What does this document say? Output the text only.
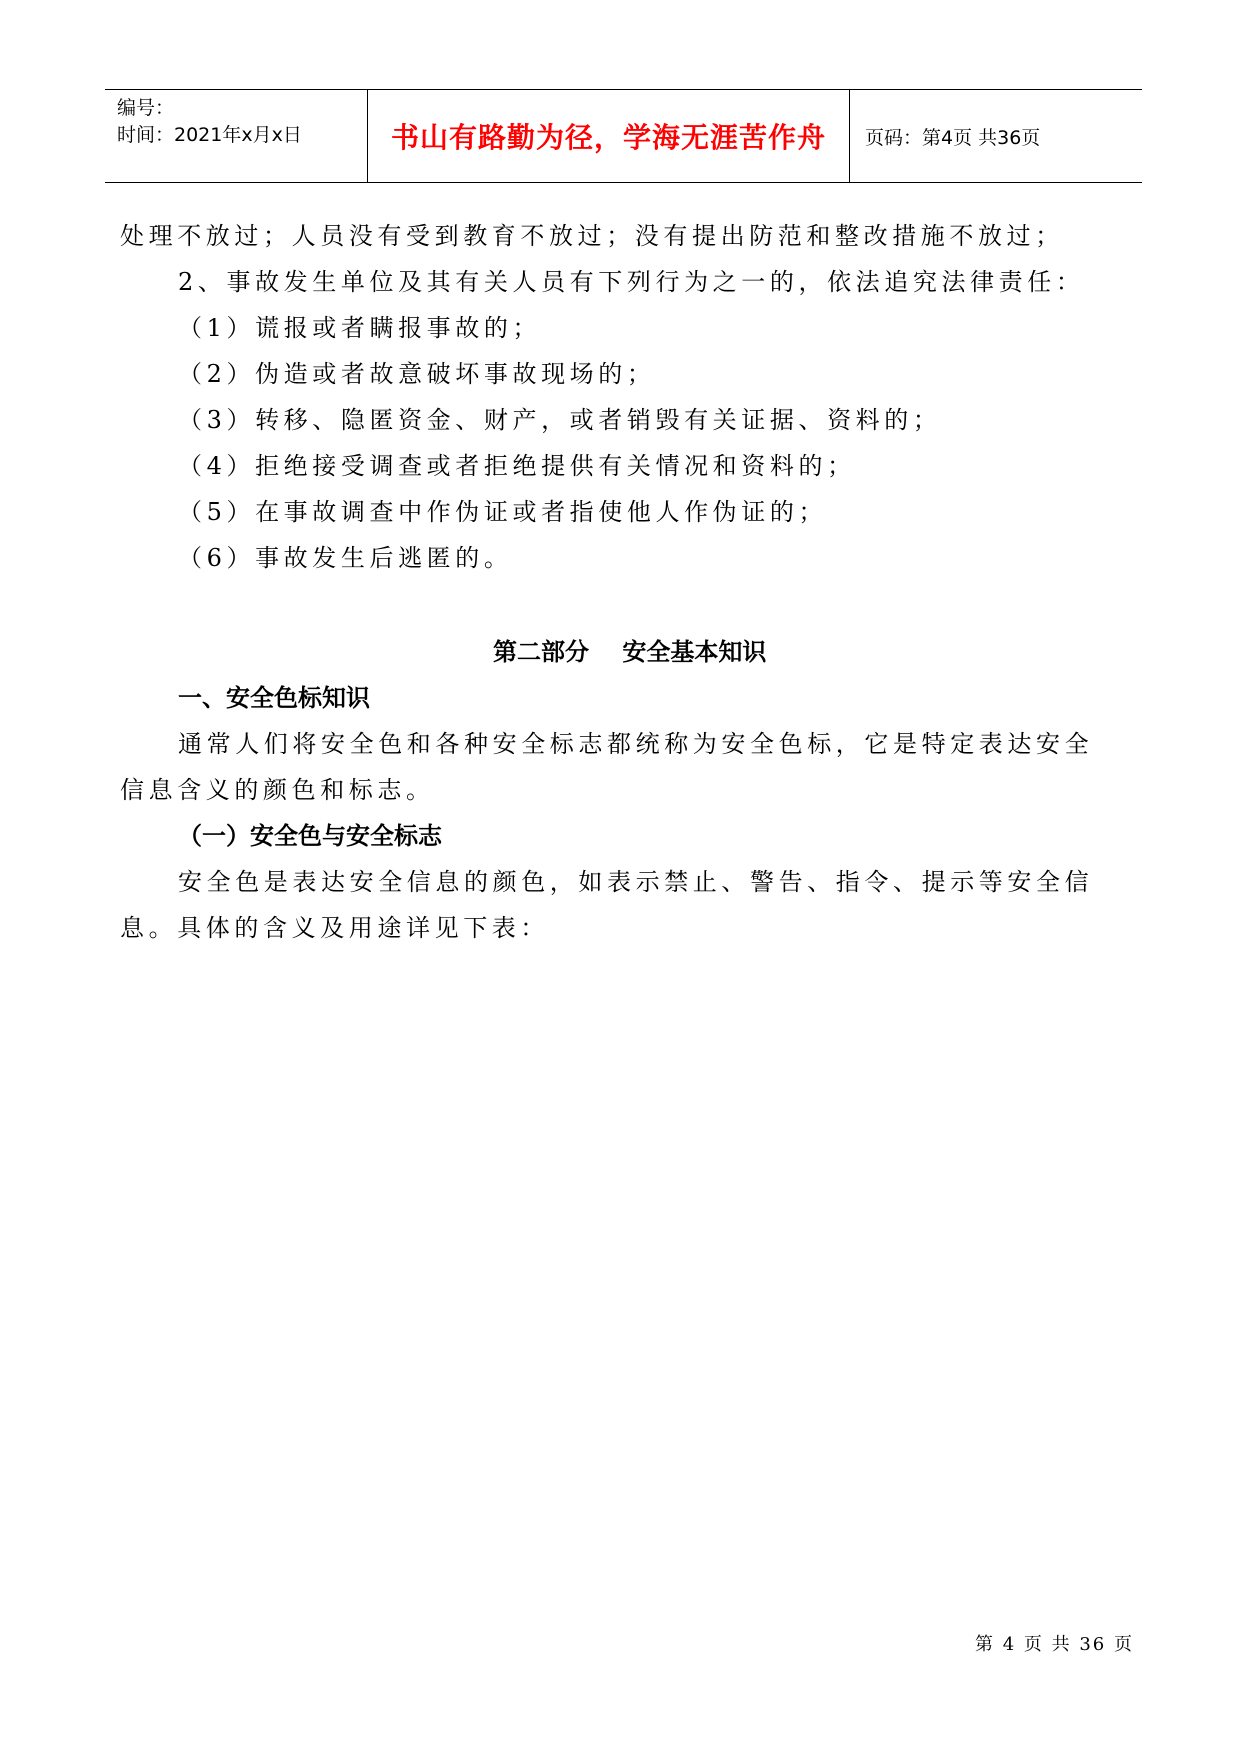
编号：
时间：2021年x月x日	书山有路勤为径，学海无涯苦作舟 页码：第4页 共36页
处理不放过；人员没有受到教育不放过；没有提出防范和整改措施不放过；
2、事故发生单位及其有关人员有下列行为之一的，依法追究法律责任：
（1）谎报或者瞒报事故的；
（2）伪造或者故意破坏事故现场的；
（3）转移、隐匿资金、财产，或者销毁有关证据、资料的；
（4）拒绝接受调查或者拒绝提供有关情况和资料的；
（5）在事故调查中作伪证或者指使他人作伪证的；
（6）事故发生后逃匿的。
第二部分    安全基本知识
一、安全色标知识
通常人们将安全色和各种安全标志都统称为安全色标，它是特定表达安全
信息含义的颜色和标志。
（一）安全色与安全标志
安全色是表达安全信息的颜色，如表示禁止、警告、指令、提示等安全信
息。具体的含义及用途详见下表：
第 4 页 共 36 页
